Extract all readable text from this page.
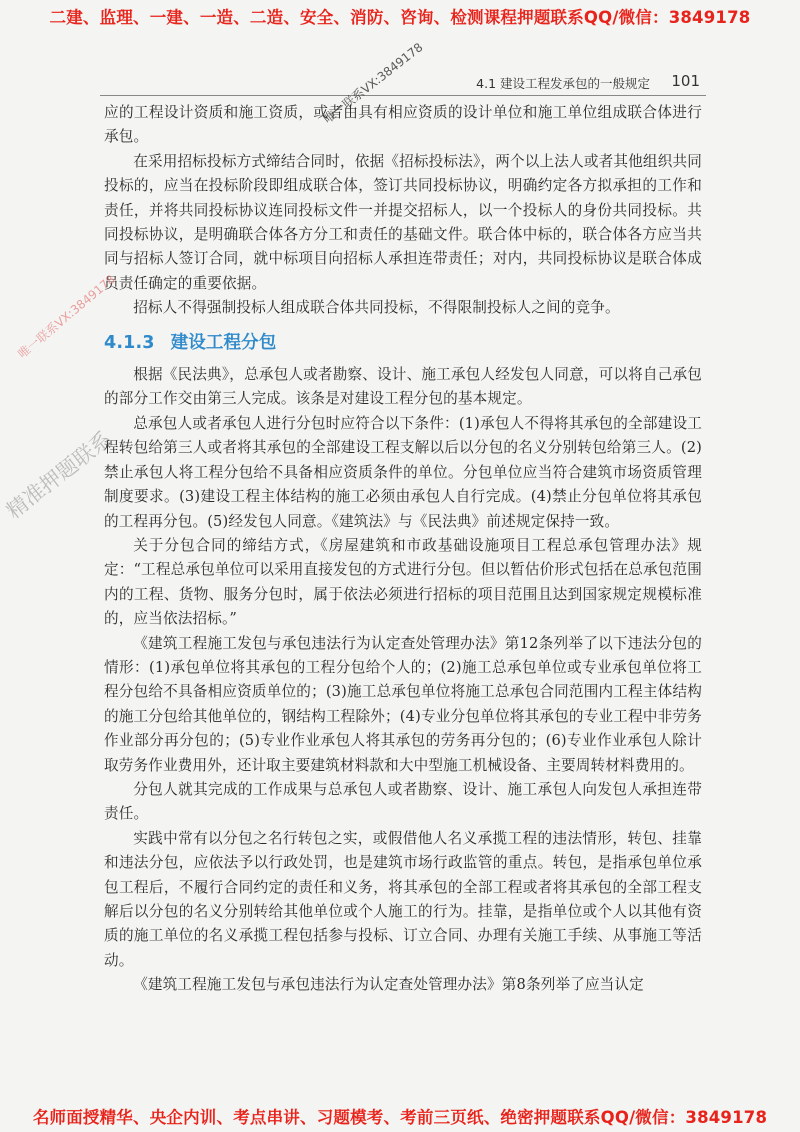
二建、监理、一建、一造、二造、安全、消防、咨询、检测课程押题联系QQ/微信：3849178
4.1 建设工程发承包的一般规定 101

应的工程设计资质和施工资质，或者由具有相应资质的设计单位和施工单位组成联合体进行承包。

在采用招标投标方式缔结合同时，依据《招标投标法》，两个以上法人或者其他组织共同投标的，应当在投标阶段即组成联合体，签订共同投标协议，明确约定各方拟承担的工作和责任，并将共同投标协议连同投标文件一并提交招标人，以一个投标人的身份共同投标。共同投标协议，是明确联合体各方分工和责任的基础文件。联合体中标的，联合体各方应当共同与招标人签订合同，就中标项目向招标人承担连带责任；对内，共同投标协议是联合体成员责任确定的重要依据。

招标人不得强制投标人组成联合体共同投标，不得限制投标人之间的竞争。

4.1.3 建设工程分包

根据《民法典》，总承包人或者勘察、设计、施工承包人经发包人同意，可以将自己承包的部分工作交由第三人完成。该条是对建设工程分包的基本规定。

总承包人或者承包人进行分包时应符合以下条件：(1)承包人不得将其承包的全部建设工程转包给第三人或者将其承包的全部建设工程支解以后以分包的名义分别转包给第三人。(2)禁止承包人将工程分包给不具备相应资质条件的单位。分包单位应当符合建筑市场资质管理制度要求。(3)建设工程主体结构的施工必须由承包人自行完成。(4)禁止分包单位将其承包的工程再分包。(5)经发包人同意。《建筑法》与《民法典》前述规定保持一致。

关于分包合同的缔结方式，《房屋建筑和市政基础设施项目工程总承包管理办法》规定：“工程总承包单位可以采用直接发包的方式进行分包。但以暂估价形式包括在总承包范围内的工程、货物、服务分包时，属于依法必须进行招标的项目范围且达到国家规定规模标准的，应当依法招标。”

《建筑工程施工发包与承包违法行为认定查处管理办法》第12条列举了以下违法分包的情形：(1)承包单位将其承包的工程分包给个人的；(2)施工总承包单位或专业承包单位将工程分包给不具备相应资质单位的；(3)施工总承包单位将施工总承包合同范围内工程主体结构的施工分包给其他单位的，钢结构工程除外；(4)专业分包单位将其承包的专业工程中非劳务作业部分再分包的；(5)专业作业承包人将其承包的劳务再分包的；(6)专业作业承包人除计取劳务作业费用外，还计取主要建筑材料款和大中型施工机械设备、主要周转材料费用的。

分包人就其完成的工作成果与总承包人或者勘察、设计、施工承包人向发包人承担连带责任。

实践中常有以分包之名行转包之实，或假借他人名义承揽工程的违法情形，转包、挂靠和违法分包，应依法予以行政处罚，也是建筑市场行政监管的重点。转包，是指承包单位承包工程后，不履行合同约定的责任和义务，将其承包的全部工程或者将其承包的全部工程支解后以分包的名义分别转给其他单位或个人施工的行为。挂靠，是指单位或个人以其他有资质的施工单位的名义承揽工程包括参与投标、订立合同、办理有关施工手续、从事施工等活动。

《建筑工程施工发包与承包违法行为认定查处管理办法》第8条列举了应当认定

唯一联系VX:3849178
唯一联系VX:3849178
精准押题联系
名师面授精华、央企内训、考点串讲、习题模考、考前三页纸、绝密押题联系QQ/微信：3849178
